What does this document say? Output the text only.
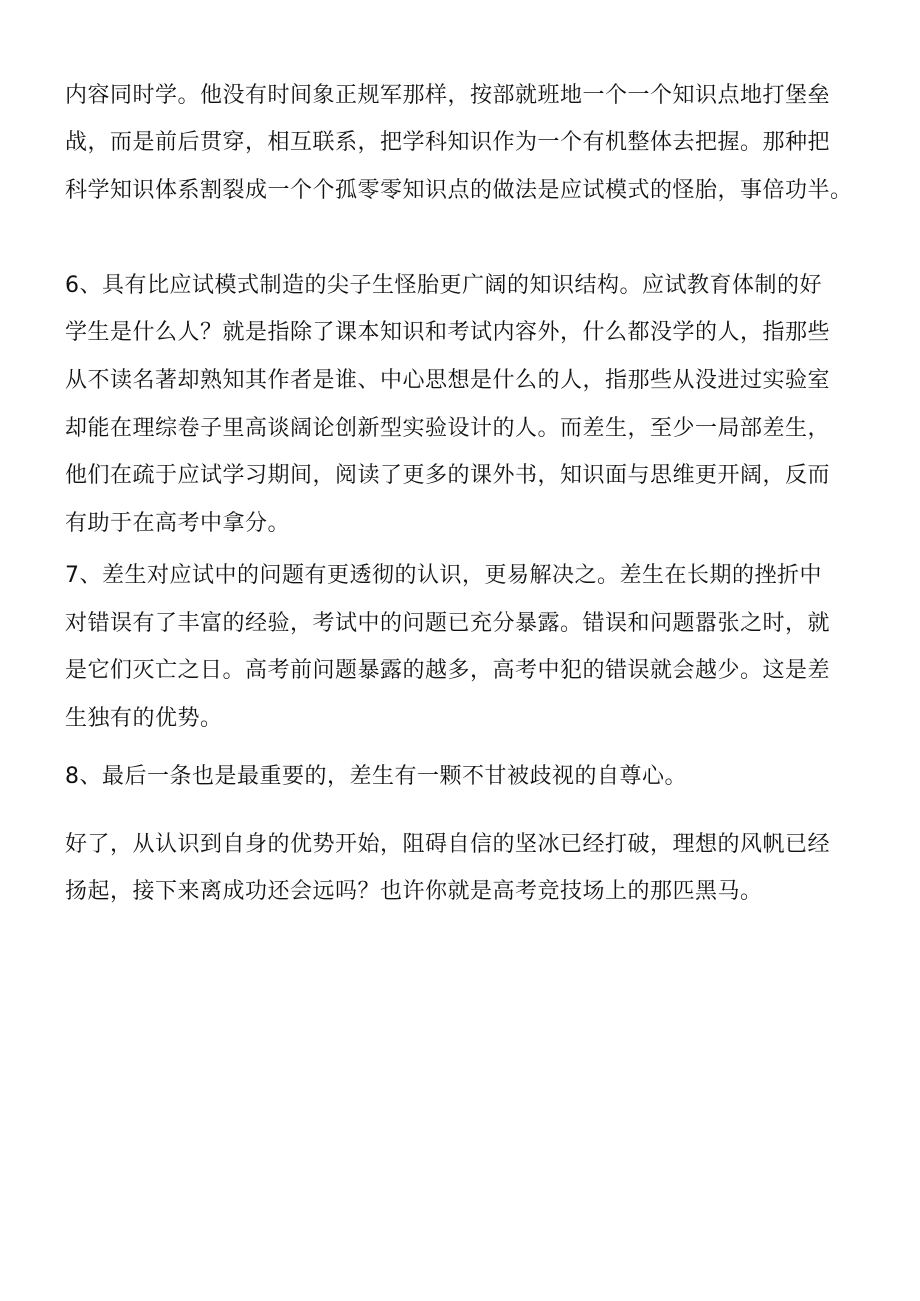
内容同时学。他没有时间象正规军那样，按部就班地一个一个知识点地打堡垒
战，而是前后贯穿，相互联系，把学科知识作为一个有机整体去把握。那种把
科学知识体系割裂成一个个孤零零知识点的做法是应试模式的怪胎，事倍功半。
6、具有比应试模式制造的尖子生怪胎更广阔的知识结构。应试教育体制的好
学生是什么人？就是指除了课本知识和考试内容外，什么都没学的人，指那些
从不读名著却熟知其作者是谁、中心思想是什么的人，指那些从没进过实验室
却能在理综卷子里高谈阔论创新型实验设计的人。而差生，至少一局部差生，
他们在疏于应试学习期间，阅读了更多的课外书，知识面与思维更开阔，反而
有助于在高考中拿分。
7、差生对应试中的问题有更透彻的认识，更易解决之。差生在长期的挫折中
对错误有了丰富的经验，考试中的问题已充分暴露。错误和问题嚣张之时，就
是它们灭亡之日。高考前问题暴露的越多，高考中犯的错误就会越少。这是差
生独有的优势。
8、最后一条也是最重要的，差生有一颗不甘被歧视的自尊心。
好了，从认识到自身的优势开始，阻碍自信的坚冰已经打破，理想的风帆已经
扬起，接下来离成功还会远吗？也许你就是高考竞技场上的那匹黑马。
